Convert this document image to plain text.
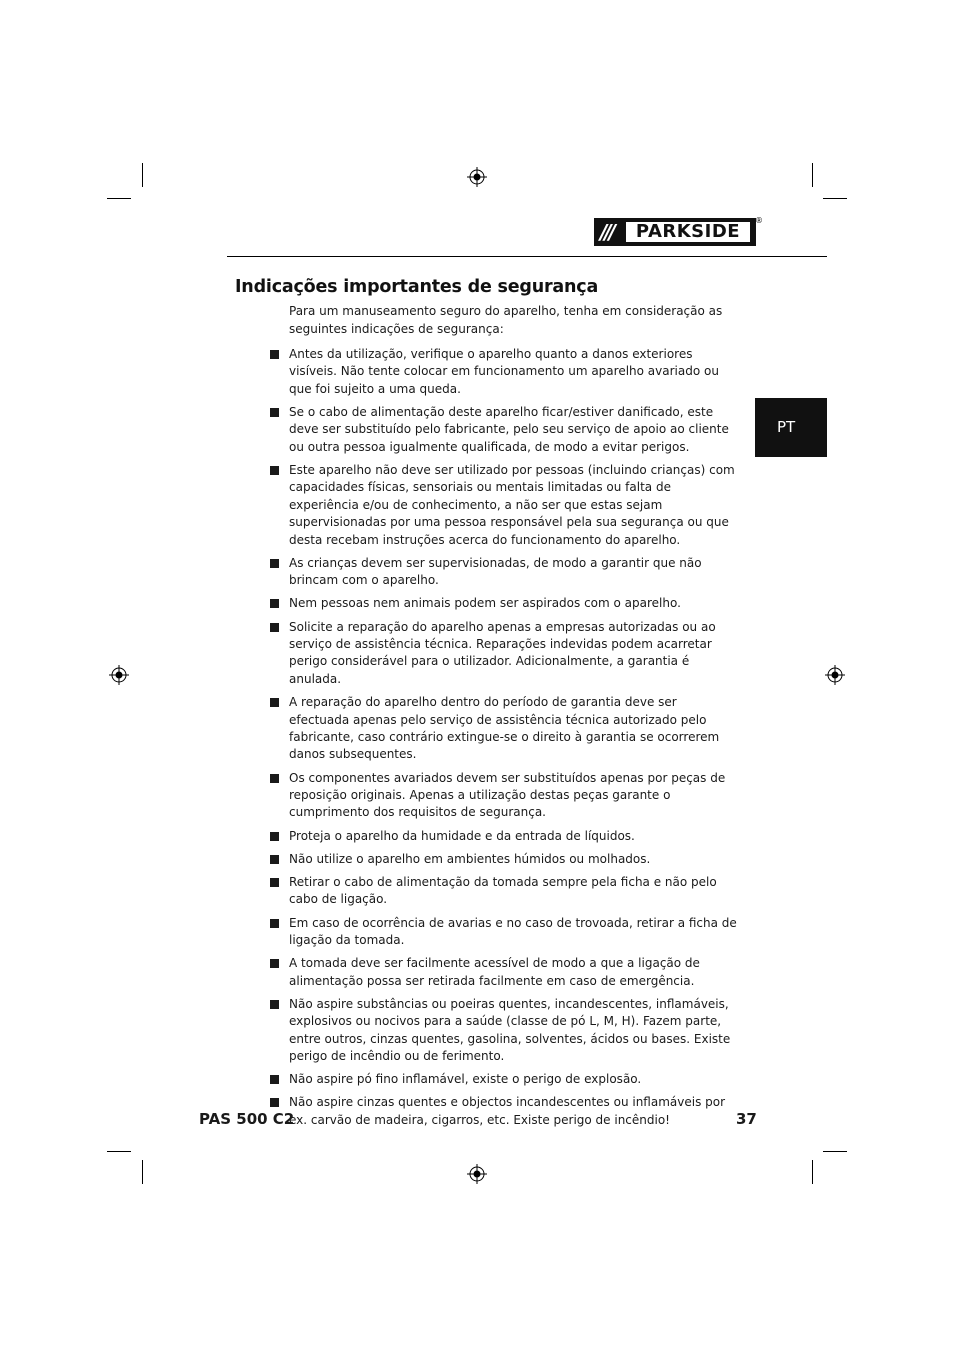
///	PARKSIDE
®
PT
Indicações importantes de segurança

Para um manuseamento seguro do aparelho, tenha em consideração as seguintes indicações de segurança:

Antes da utilização, verifique o aparelho quanto a danos exteriores visíveis. Não tente colocar em funcionamento um aparelho avariado ou que foi sujeito a uma queda.
Se o cabo de alimentação deste aparelho ficar/estiver danificado, este deve ser substituído pelo fabricante, pelo seu serviço de apoio ao cliente ou outra pessoa igualmente qualificada, de modo a evitar perigos.
Este aparelho não deve ser utilizado por pessoas (incluindo crianças) com capacidades físicas, sensoriais ou mentais limitadas ou falta de experiência e/ou de conhecimento, a não ser que estas sejam supervisionadas por uma pessoa responsável pela sua segurança ou que desta recebam instruções acerca do funcionamento do aparelho.
As crianças devem ser supervisionadas, de modo a garantir que não brincam com o aparelho.
Nem pessoas nem animais podem ser aspirados com o aparelho.
Solicite a reparação do aparelho apenas a empresas autorizadas ou ao serviço de assistência técnica. Reparações indevidas podem acarretar perigo considerável para o utilizador. Adicionalmente, a garantia é anulada.
A reparação do aparelho dentro do período de garantia deve ser efectuada apenas pelo serviço de assistência técnica autorizado pelo fabricante, caso contrário extingue-se o direito à garantia se ocorrerem danos subsequentes.
Os componentes avariados devem ser substituídos apenas por peças de reposição originais. Apenas a utilização destas peças garante o cumprimento dos requisitos de segurança.
Proteja o aparelho da humidade e da entrada de líquidos.
Não utilize o aparelho em ambientes húmidos ou molhados.
Retirar o cabo de alimentação da tomada sempre pela ficha e não pelo cabo de ligação.
Em caso de ocorrência de avarias e no caso de trovoada, retirar a ficha de ligação da tomada.
A tomada deve ser facilmente acessível de modo a que a ligação de alimentação possa ser retirada facilmente em caso de emergência.
Não aspire substâncias ou poeiras quentes, incandescentes, inflamáveis, explosivos ou nocivos para a saúde (classe de pó L, M, H). Fazem parte, entre outros, cinzas quentes, gasolina, solventes, ácidos ou bases. Existe perigo de incêndio ou de ferimento.
Não aspire pó fino inflamável, existe o perigo de explosão.
Não aspire cinzas quentes e objectos incandescentes ou inflamáveis por ex. carvão de madeira, cigarros, etc. Existe perigo de incêndio!
PAS 500 C2	37
